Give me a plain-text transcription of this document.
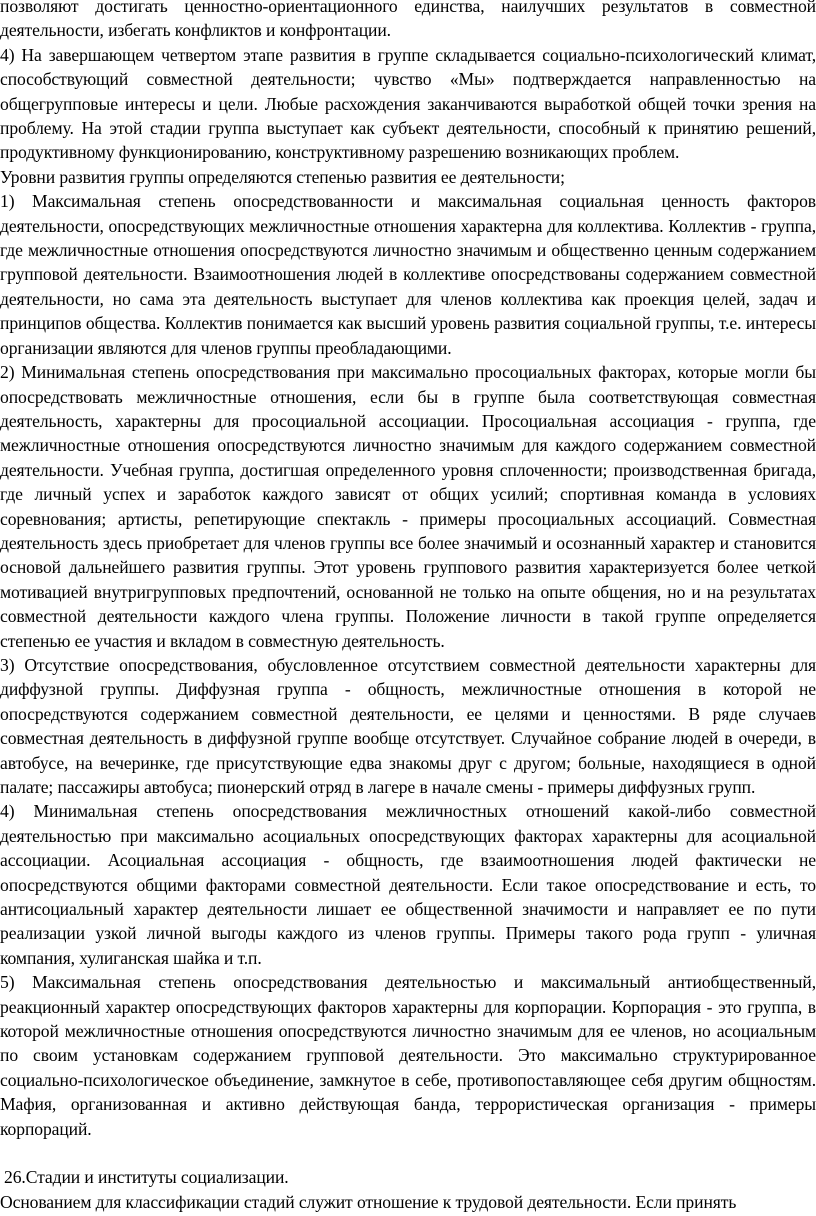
позволяют достигать ценностно-ориентационного единства, наилучших результатов в совместной деятельности, избегать конфликтов и конфронтации.

4) На завершающем четвертом этапе развития в группе складывается социально-психологический климат, способствующий совместной деятельности; чувство «Мы» подтверждается направленностью на общегрупповые интересы и цели. Любые расхождения заканчиваются выработкой общей точки зрения на проблему. На этой стадии группа выступает как субъект деятельности, способный к принятию решений, продуктивному функционированию, конструктивному разрешению возникающих проблем.

Уровни развития группы определяются степенью развития ее деятельности;

1) Максимальная степень опосредствованности и максимальная социальная ценность факторов деятельности, опосредствующих межличностные отношения характерна для коллектива. Коллектив - группа, где межличностные отношения опосредствуются личностно значимым и общественно ценным содержанием групповой деятельности. Взаимоотношения людей в коллективе опосредствованы содержанием совместной деятельности, но сама эта деятельность выступает для членов коллектива как проекция целей, задач и принципов общества. Коллектив понимается как высший уровень развития социальной группы, т.е. интересы организации являются для членов группы преобладающими.

2) Минимальная степень опосредствования при максимально просоциальных факторах, которые могли бы опосредствовать межличностные отношения, если бы в группе была соответствующая совместная деятельность, характерны для просоциальной ассоциации. Просоциальная ассоциация - группа, где межличностные отношения опосредствуются личностно значимым для каждого содержанием совместной деятельности. Учебная группа, достигшая определенного уровня сплоченности; производственная бригада, где личный успех и заработок каждого зависят от общих усилий; спортивная команда в условиях соревнования; артисты, репетирующие спектакль - примеры просоциальных ассоциаций. Совместная деятельность здесь приобретает для членов группы все более значимый и осознанный характер и становится основой дальнейшего развития группы. Этот уровень группового развития характеризуется более четкой мотивацией внутригрупповых предпочтений, основанной не только на опыте общения, но и на результатах совместной деятельности каждого члена группы. Положение личности в такой группе определяется степенью ее участия и вкладом в совместную деятельность.

3) Отсутствие опосредствования, обусловленное отсутствием совместной деятельности характерны для диффузной группы. Диффузная группа - общность, межличностные отношения в которой не опосредствуются содержанием совместной деятельности, ее целями и ценностями. В ряде случаев совместная деятельность в диффузной группе вообще отсутствует. Случайное собрание людей в очереди, в автобусе, на вечеринке, где присутствующие едва знакомы друг с другом; больные, находящиеся в одной палате; пассажиры автобуса; пионерский отряд в лагере в начале смены - примеры диффузных групп.

4) Минимальная степень опосредствования межличностных отношений какой-либо совместной деятельностью при максимально асоциальных опосредствующих факторах характерны для асоциальной ассоциации. Асоциальная ассоциация - общность, где взаимоотношения людей фактически не опосредствуются общими факторами совместной деятельности. Если такое опосредствование и есть, то антисоциальный характер деятельности лишает ее общественной значимости и направляет ее по пути реализации узкой личной выгоды каждого из членов группы. Примеры такого рода групп - уличная компания, хулиганская шайка и т.п.

5) Максимальная степень опосредствования деятельностью и максимальный антиобщественный, реакционный характер опосредствующих факторов характерны для корпорации. Корпорация - это группа, в которой межличностные отношения опосредствуются личностно значимым для ее членов, но асоциальным по своим установкам содержанием групповой деятельности. Это максимально структурированное социально-психологическое объединение, замкнутое в себе, противопоставляющее себя другим общностям. Мафия, организованная и активно действующая банда, террористическая организация - примеры корпораций.

26.Стадии и институты социализации.

Основанием для классификации стадий служит отношение к трудовой деятельности. Если принять
